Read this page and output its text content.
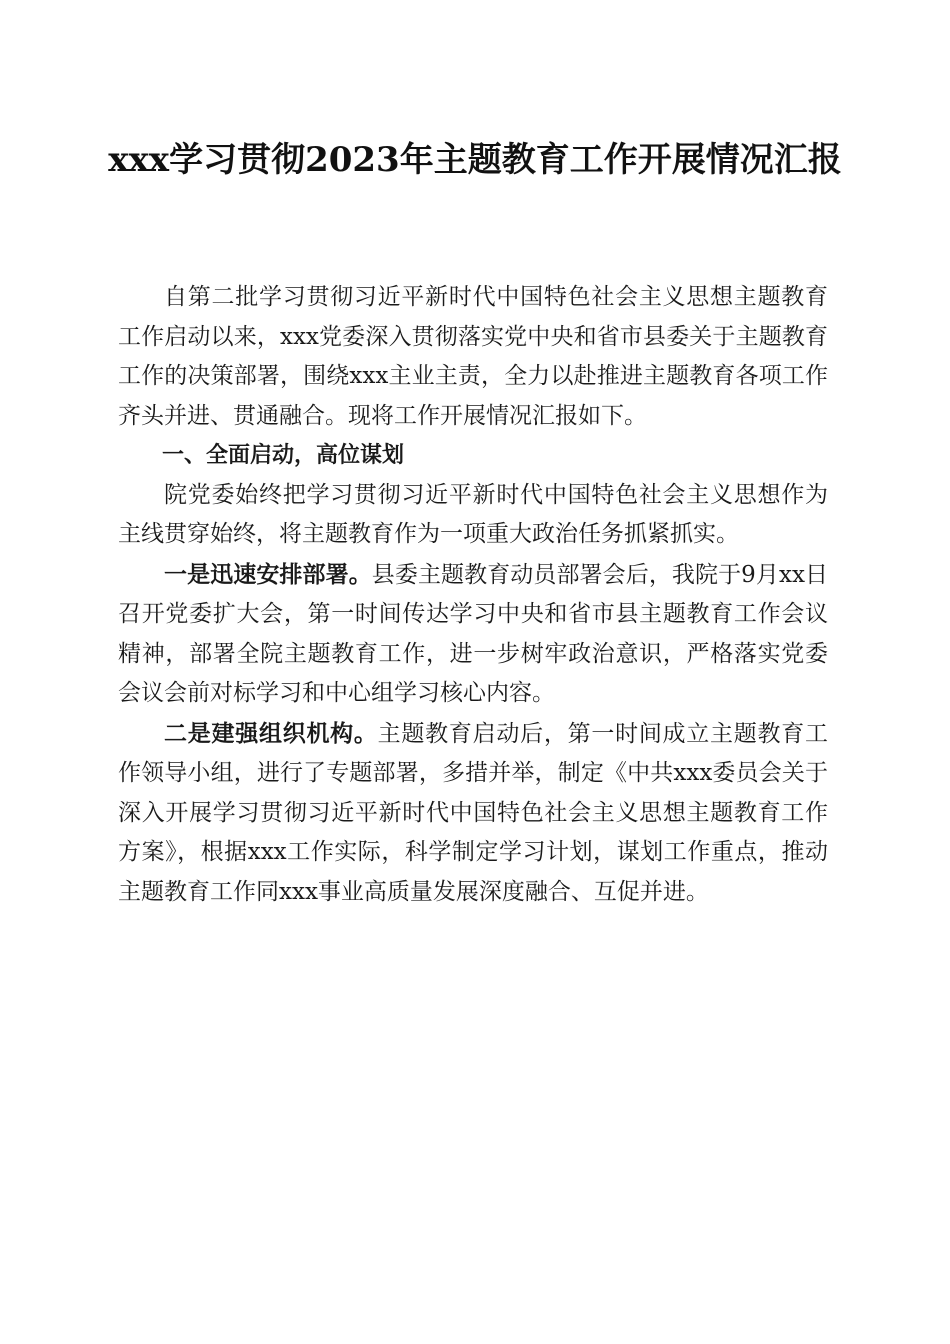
xxx学习贯彻2023年主题教育工作开展情况汇报

自第二批学习贯彻习近平新时代中国特色社会主义思想主题教育工作启动以来，xxx党委深入贯彻落实党中央和省市县委关于主题教育工作的决策部署，围绕xxx主业主责，全力以赴推进主题教育各项工作齐头并进、贯通融合。现将工作开展情况汇报如下。

一、全面启动，高位谋划

院党委始终把学习贯彻习近平新时代中国特色社会主义思想作为主线贯穿始终，将主题教育作为一项重大政治任务抓紧抓实。

一是迅速安排部署。县委主题教育动员部署会后，我院于9月xx日召开党委扩大会，第一时间传达学习中央和省市县主题教育工作会议精神，部署全院主题教育工作，进一步树牢政治意识，严格落实党委会议会前对标学习和中心组学习核心内容。

二是建强组织机构。主题教育启动后，第一时间成立主题教育工作领导小组，进行了专题部署，多措并举，制定《中共xxx委员会关于深入开展学习贯彻习近平新时代中国特色社会主义思想主题教育工作方案》，根据xxx工作实际，科学制定学习计划，谋划工作重点，推动主题教育工作同xxx事业高质量发展深度融合、互促并进。
